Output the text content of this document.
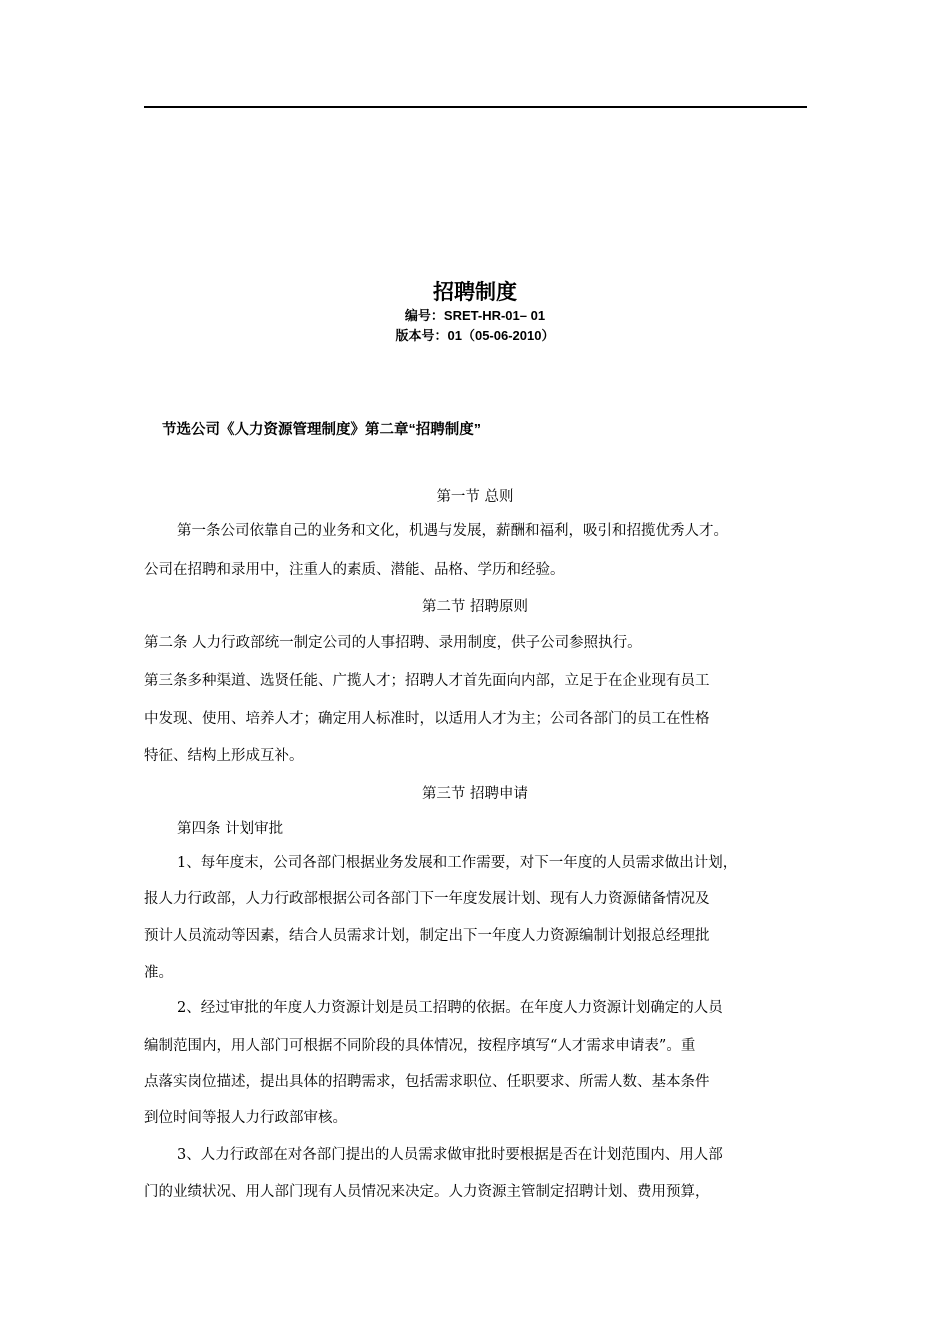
招聘制度
编号：SRET-HR-01– 01
版本号：01（05-06-2010）
节选公司《人力资源管理制度》第二章“招聘制度”
第一节 总则
第一条公司依靠自己的业务和文化，机遇与发展，薪酬和福利，吸引和招揽优秀人才。
公司在招聘和录用中，注重人的素质、潜能、品格、学历和经验。
第二节 招聘原则
第二条 人力行政部统一制定公司的人事招聘、录用制度，供子公司参照执行。
第三条多种渠道、选贤任能、广揽人才；招聘人才首先面向内部，立足于在企业现有员工
中发现、使用、培养人才；确定用人标准时，以适用人才为主；公司各部门的员工在性格
特征、结构上形成互补。
第三节 招聘申请
第四条 计划审批
1、每年度末，公司各部门根据业务发展和工作需要，对下一年度的人员需求做出计划，
报人力行政部，人力行政部根据公司各部门下一年度发展计划、现有人力资源储备情况及
预计人员流动等因素，结合人员需求计划，制定出下一年度人力资源编制计划报总经理批
准。
2、经过审批的年度人力资源计划是员工招聘的依据。在年度人力资源计划确定的人员
编制范围内，用人部门可根据不同阶段的具体情况，按程序填写“人才需求申请表”。重
点落实岗位描述，提出具体的招聘需求，包括需求职位、任职要求、所需人数、基本条件
到位时间等报人力行政部审核。
3、人力行政部在对各部门提出的人员需求做审批时要根据是否在计划范围内、用人部
门的业绩状况、用人部门现有人员情况来决定。人力资源主管制定招聘计划、费用预算，
